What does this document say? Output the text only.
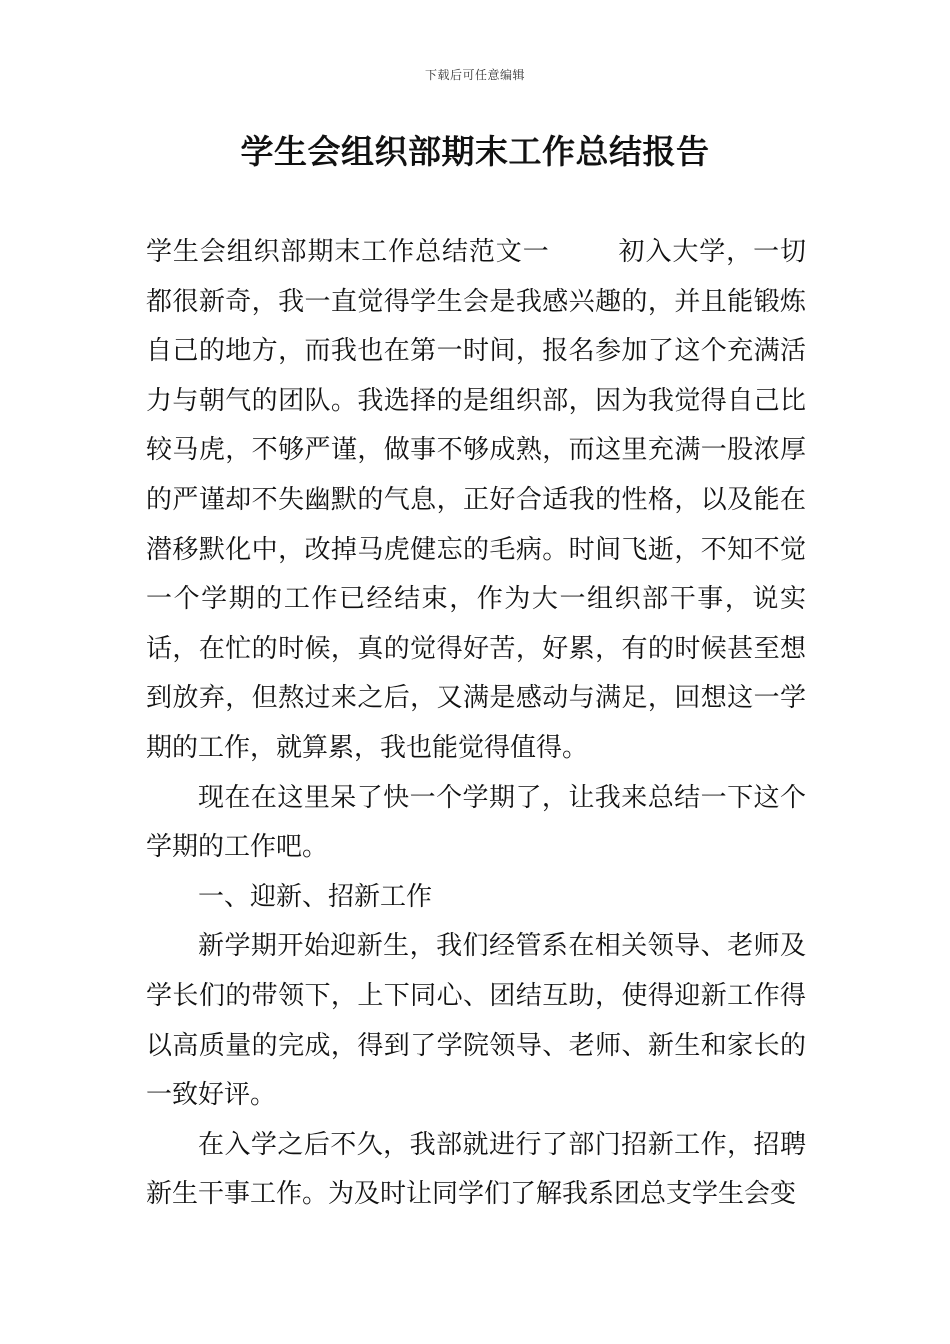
下载后可任意编辑
学生会组织部期末工作总结报告

学生会组织部期末工作总结范文一	初入大学，一切都很新奇，我一直觉得学生会是我感兴趣的，并且能锻炼自己的地方，而我也在第一时间，报名参加了这个充满活力与朝气的团队。我选择的是组织部，因为我觉得自己比较马虎，不够严谨，做事不够成熟，而这里充满一股浓厚的严谨却不失幽默的气息，正好合适我的性格，以及能在潜移默化中，改掉马虎健忘的毛病。时间飞逝，不知不觉一个学期的工作已经结束，作为大一组织部干事，说实话，在忙的时候，真的觉得好苦，好累，有的时候甚至想到放弃，但熬过来之后，又满是感动与满足，回想这一学期的工作，就算累，我也能觉得值得。

现在在这里呆了快一个学期了，让我来总结一下这个学期的工作吧。

一、迎新、招新工作

新学期开始迎新生，我们经管系在相关领导、老师及学长们的带领下，上下同心、团结互助，使得迎新工作得以高质量的完成，得到了学院领导、老师、新生和家长的一致好评。

在入学之后不久，我部就进行了部门招新工作，招聘新生干事工作。为及时让同学们了解我系团总支学生会变
